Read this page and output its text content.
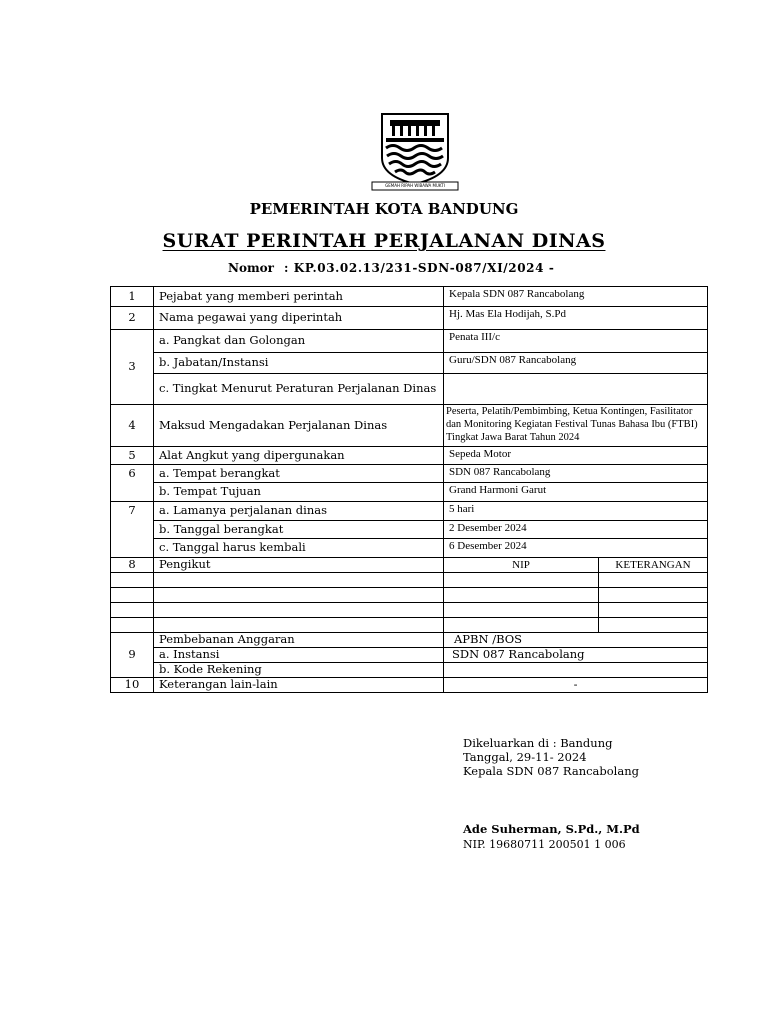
GEMAH RIPAH WIBAWA MUKTI
PEMERINTAH KOTA BANDUNG
SURAT PERINTAH PERJALANAN DINAS
Nomor : KP.03.02.13/231-SDN-087/XI/2024 -
1	Pejabat yang memberi perintah	Kepala SDN 087 Rancabolang	
2	Nama pegawai yang diperintah	Hj. Mas Ela Hodijah, S.Pd	
3	a. Pangkat dan Golongan	Penata III/c	
	b. Jabatan/Instansi	Guru/SDN 087 Rancabolang	
	c. Tingkat Menurut Peraturan Perjalanan Dinas		
4	Maksud Mengadakan Perjalanan Dinas	Peserta, Pelatih/Pembimbing, Ketua Kontingen, Fasilitator dan Monitoring Kegiatan Festival Tunas Bahasa Ibu (FTBI) Tingkat Jawa Barat Tahun 2024	
5	Alat Angkut yang dipergunakan	Sepeda Motor	
6	a. Tempat berangkat	SDN 087 Rancabolang	
	b. Tempat Tujuan	Grand Harmoni Garut	
7	a. Lamanya perjalanan dinas	5 hari	
	b. Tanggal berangkat	2 Desember 2024	
	c. Tanggal harus kembali	6 Desember 2024	
8	Pengikut	NIP	KETERANGAN

9	Pembebanan Anggaran	APBN /BOS	
	a. Instansi	SDN 087 Rancabolang	
	b. Kode Rekening		
10	Keterangan lain-lain	-	
Dikeluarkan di : Bandung
Tanggal, 29-11- 2024
Kepala SDN 087 Rancabolang
Ade Suherman, S.Pd., M.Pd
NIP. 19680711 200501 1 006
